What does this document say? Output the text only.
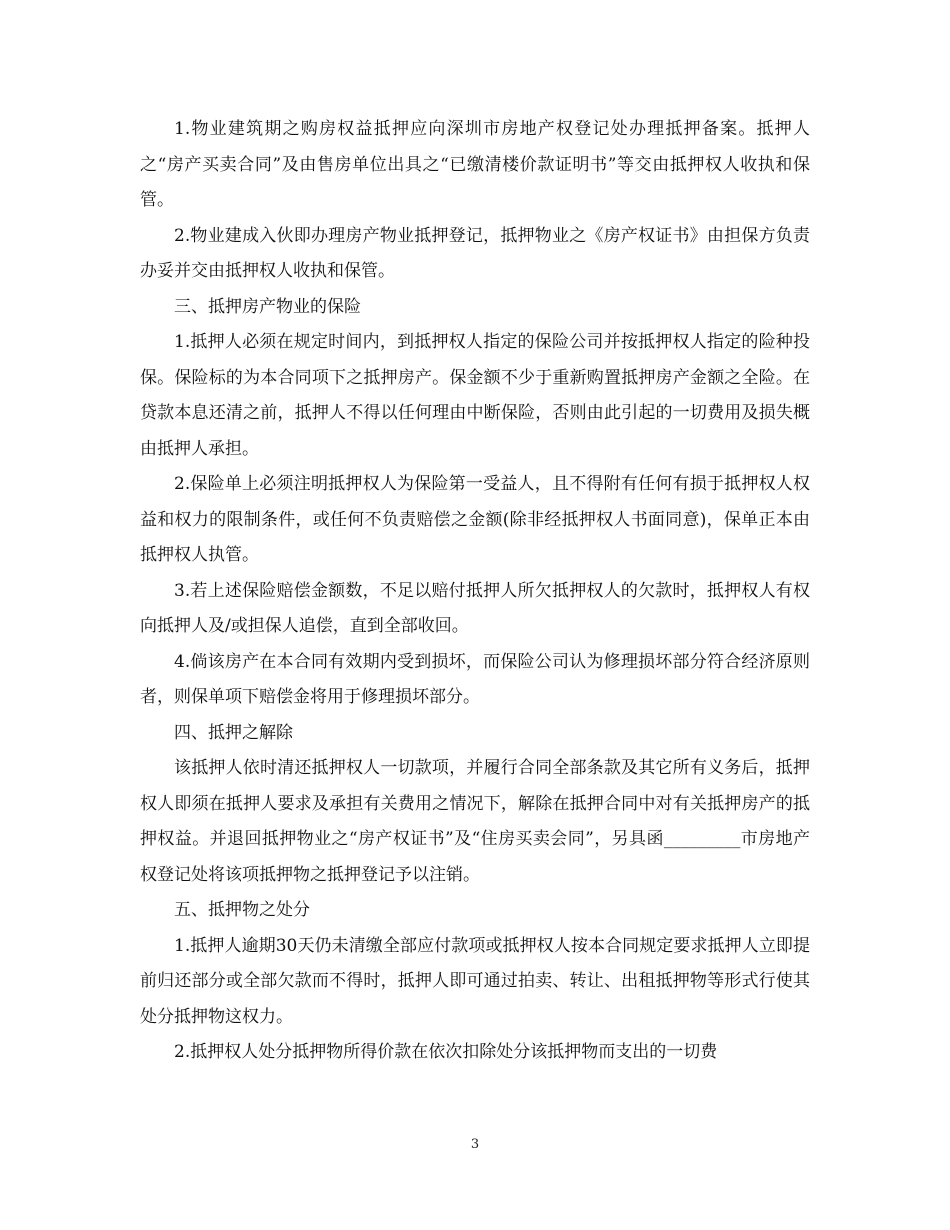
1.物业建筑期之购房权益抵押应向深圳市房地产权登记处办理抵押备案。抵押人之“房产买卖合同”及由售房单位出具之“已缴清楼价款证明书”等交由抵押权人收执和保管。

2.物业建成入伙即办理房产物业抵押登记，抵押物业之《房产权证书》由担保方负责办妥并交由抵押权人收执和保管。

三、抵押房产物业的保险

1.抵押人必须在规定时间内，到抵押权人指定的保险公司并按抵押权人指定的险种投保。保险标的为本合同项下之抵押房产。保金额不少于重新购置抵押房产金额之全险。在贷款本息还清之前，抵押人不得以任何理由中断保险，否则由此引起的一切费用及损失概由抵押人承担。

2.保险单上必须注明抵押权人为保险第一受益人，且不得附有任何有损于抵押权人权益和权力的限制条件，或任何不负责赔偿之金额(除非经抵押权人书面同意)，保单正本由抵押权人执管。

3.若上述保险赔偿金额数，不足以赔付抵押人所欠抵押权人的欠款时，抵押权人有权向抵押人及/或担保人追偿，直到全部收回。

4.倘该房产在本合同有效期内受到损坏，而保险公司认为修理损坏部分符合经济原则者，则保单项下赔偿金将用于修理损坏部分。

四、抵押之解除

该抵押人依时清还抵押权人一切款项，并履行合同全部条款及其它所有义务后，抵押权人即须在抵押人要求及承担有关费用之情况下，解除在抵押合同中对有关抵押房产的抵押权益。并退回抵押物业之“房产权证书”及“住房买卖会同”，另具函_________市房地产权登记处将该项抵押物之抵押登记予以注销。

五、抵押物之处分

1.抵押人逾期30天仍未清缴全部应付款项或抵押权人按本合同规定要求抵押人立即提前归还部分或全部欠款而不得时，抵押人即可通过拍卖、转让、出租抵押物等形式行使其处分抵押物这权力。

2.抵押权人处分抵押物所得价款在依次扣除处分该抵押物而支出的一切费

3
